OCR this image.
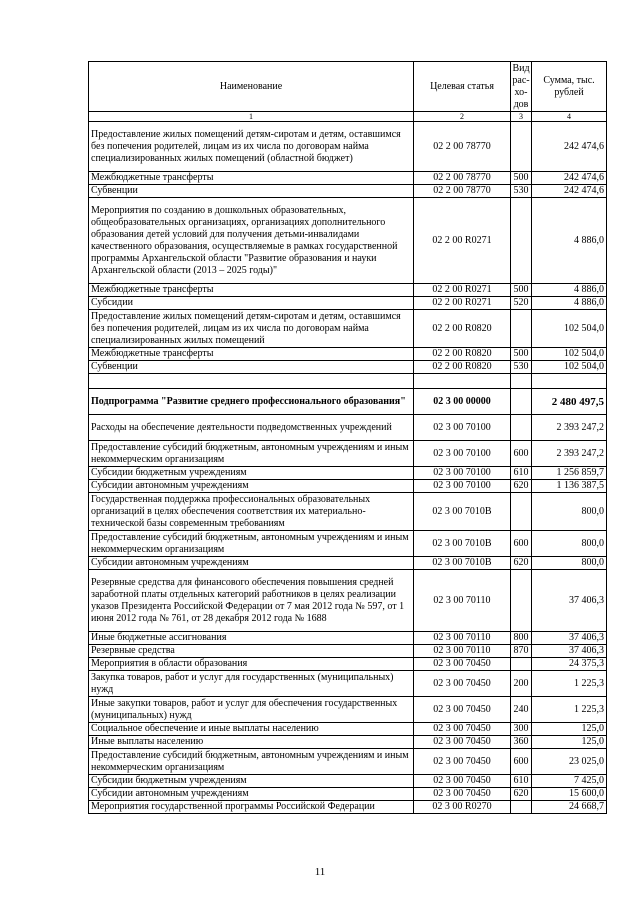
Наименование	Целевая статья	Вид рас-хо-дов	Сумма, тыс. рублей
1	2	3	4
Предоставление жилых помещений детям-сиротам и детям, оставшимся без попечения родителей, лицам из их числа по договорам найма специализированных жилых помещений (областной бюджет)	02 2 00 78770		242 474,6
Межбюджетные трансферты	02 2 00 78770	500	242 474,6
Субвенции	02 2 00 78770	530	242 474,6
Мероприятия по созданию в дошкольных образовательных, общеобразовательных организациях, организациях дополнительного образования детей условий для получения детьми-инвалидами качественного образования, осуществляемые в рамках государственной программы Архангельской области "Развитие образования и науки Архангельской области (2013 – 2025 годы)"	02 2 00 R0271		4 886,0
Межбюджетные трансферты	02 2 00 R0271	500	4 886,0
Субсидии	02 2 00 R0271	520	4 886,0
Предоставление жилых помещений детям-сиротам и детям, оставшимся без попечения родителей, лицам из их числа по договорам найма специализированных жилых помещений	02 2 00 R0820		102 504,0
Межбюджетные трансферты	02 2 00 R0820	500	102 504,0
Субвенции	02 2 00 R0820	530	102 504,0

Подпрограмма "Развитие среднего профессионального образования"	02 3 00 00000		2 480 497,5
Расходы на обеспечение деятельности подведомственных учреждений	02 3 00 70100		2 393 247,2
Предоставление субсидий бюджетным, автономным учреждениям и иным некоммерческим организациям	02 3 00 70100	600	2 393 247,2
Субсидии бюджетным учреждениям	02 3 00 70100	610	1 256 859,7
Субсидии автономным учреждениям	02 3 00 70100	620	1 136 387,5
Государственная поддержка профессиональных образовательных организаций в целях обеспечения соответствия их материально-технической базы современным требованиям	02 3 00 7010В		800,0
Предоставление субсидий бюджетным, автономным учреждениям и иным некоммерческим организациям	02 3 00 7010В	600	800,0
Субсидии автономным учреждениям	02 3 00 7010В	620	800,0
Резервные средства для финансового обеспечения повышения средней заработной платы отдельных категорий работников в целях реализации указов Президента Российской Федерации от 7 мая 2012 года № 597, от 1 июня 2012 года № 761, от 28 декабря 2012 года № 1688	02 3 00 70110		37 406,3
Иные бюджетные ассигнования	02 3 00 70110	800	37 406,3
Резервные средства	02 3 00 70110	870	37 406,3
Мероприятия в области образования	02 3 00 70450		24 375,3
Закупка товаров, работ и услуг для государственных (муниципальных) нужд	02 3 00 70450	200	1 225,3
Иные закупки товаров, работ и услуг для обеспечения государственных (муниципальных) нужд	02 3 00 70450	240	1 225,3
Социальное обеспечение и иные выплаты населению	02 3 00 70450	300	125,0
Иные выплаты населению	02 3 00 70450	360	125,0
Предоставление субсидий бюджетным, автономным учреждениям и иным некоммерческим организациям	02 3 00 70450	600	23 025,0
Субсидии бюджетным учреждениям	02 3 00 70450	610	7 425,0
Субсидии автономным учреждениям	02 3 00 70450	620	15 600,0
Мероприятия государственной программы Российской Федерации	02 3 00 R0270		24 668,7
11
